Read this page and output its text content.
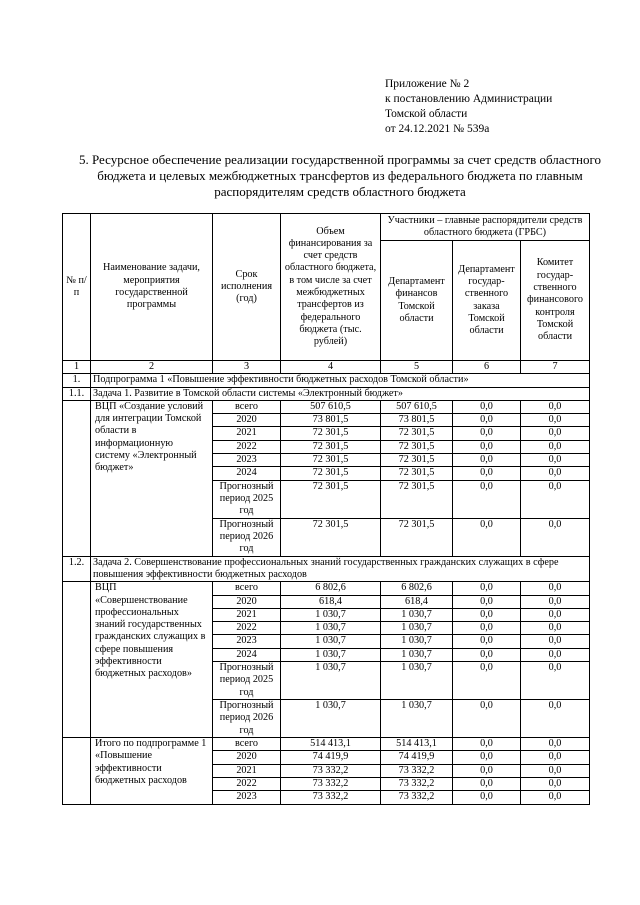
Приложение № 2
к постановлению Администрации
Томской области
от 24.12.2021 № 539а
5. Ресурсное обеспечение реализации государственной программы за счет средств областного бюджета и целевых межбюджетных трансфертов из федерального бюджета по главным распорядителям средств областного бюджета
№ п/п	Наименование задачи, мероприятия государственной программы	Срок исполнения (год)	Объем финансирования за счет средств областного бюджета, в том числе за счет межбюджетных трансфертов из федерального бюджета (тыс. рублей)	Участники – главные распорядители средств областного бюджета (ГРБС)		
				Департамент финансов Томской области	Департамент государ-ственного заказа Томской области	Комитет государ-ственного финансового контроля Томской области
1	2	3	4	5	6	7
1.	Подпрограмма 1 «Повышение эффективности бюджетных расходов Томской области»					
1.1.	Задача 1. Развитие в Томской области системы «Электронный бюджет»					
	ВЦП «Создание условий для интеграции Томской области в информационную систему «Электронный бюджет»	всего	507 610,5	507 610,5	0,0	0,0
		2020	73 801,5	73 801,5	0,0	0,0
		2021	72 301,5	72 301,5	0,0	0,0
		2022	72 301,5	72 301,5	0,0	0,0
		2023	72 301,5	72 301,5	0,0	0,0
		2024	72 301,5	72 301,5	0,0	0,0
		Прогнозный период 2025 год	72 301,5	72 301,5	0,0	0,0
		Прогнозный период 2026 год	72 301,5	72 301,5	0,0	0,0
1.2.	Задача 2. Совершенствование профессиональных знаний государственных гражданских служащих в сфере повышения эффективности бюджетных расходов					
	ВЦП «Совершенствование профессиональных знаний государственных гражданских служащих в сфере повышения эффективности бюджетных расходов»	всего	6 802,6	6 802,6	0,0	0,0
		2020	618,4	618,4	0,0	0,0
		2021	1 030,7	1 030,7	0,0	0,0
		2022	1 030,7	1 030,7	0,0	0,0
		2023	1 030,7	1 030,7	0,0	0,0
		2024	1 030,7	1 030,7	0,0	0,0
		Прогнозный период 2025 год	1 030,7	1 030,7	0,0	0,0
		Прогнозный период 2026 год	1 030,7	1 030,7	0,0	0,0
	Итого по подпрограмме 1 «Повышение эффективности бюджетных расходов	всего	514 413,1	514 413,1	0,0	0,0
		2020	74 419,9	74 419,9	0,0	0,0
		2021	73 332,2	73 332,2	0,0	0,0
		2022	73 332,2	73 332,2	0,0	0,0
		2023	73 332,2	73 332,2	0,0	0,0
